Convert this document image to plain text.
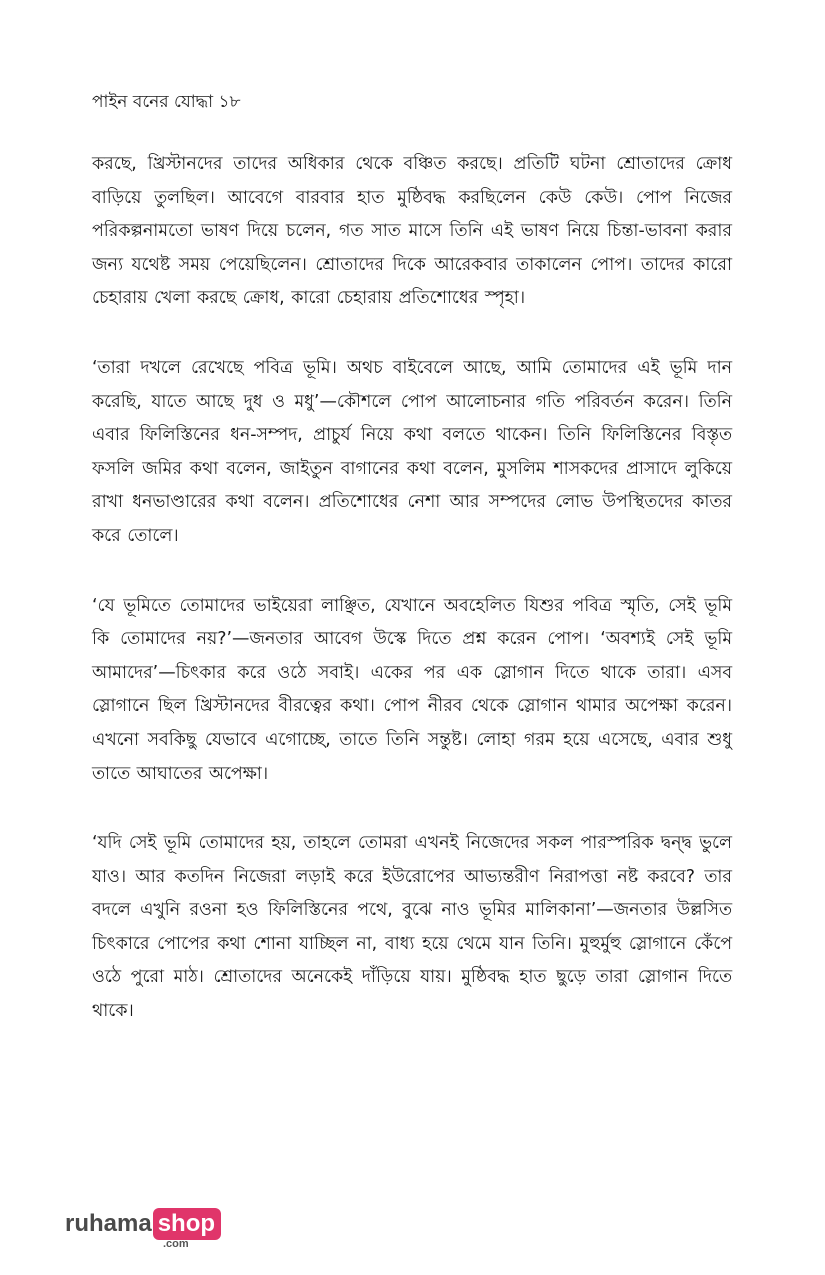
পাইন বনের যোদ্ধা ১৮

করছে, খ্রিস্টানদের তাদের অধিকার থেকে বঞ্চিত করছে। প্রতিটি ঘটনা শ্রোতাদের ক্রোধ বাড়িয়ে তুলছিল। আবেগে বারবার হাত মুষ্ঠিবদ্ধ করছিলেন কেউ কেউ। পোপ নিজের পরিকল্পনামতো ভাষণ দিয়ে চলেন, গত সাত মাসে তিনি এই ভাষণ নিয়ে চিন্তা-ভাবনা করার জন্য যথেষ্ট সময় পেয়েছিলেন। শ্রোতাদের দিকে আরেকবার তাকালেন পোপ। তাদের কারো চেহারায় খেলা করছে ক্রোধ, কারো চেহারায় প্রতিশোধের স্পৃহা।

‘তারা দখলে রেখেছে পবিত্র ভূমি। অথচ বাইবেলে আছে, আমি তোমাদের এই ভূমি দান করেছি, যাতে আছে দুধ ও মধু’—কৌশলে পোপ আলোচনার গতি পরিবর্তন করেন। তিনি এবার ফিলিস্তিনের ধন-সম্পদ, প্রাচুর্য নিয়ে কথা বলতে থাকেন। তিনি ফিলিস্তিনের বিস্তৃত ফসলি জমির কথা বলেন, জাইতুন বাগানের কথা বলেন, মুসলিম শাসকদের প্রাসাদে লুকিয়ে রাখা ধনভাণ্ডারের কথা বলেন। প্রতিশোধের নেশা আর সম্পদের লোভ উপস্থিতদের কাতর করে তোলে।

‘যে ভূমিতে তোমাদের ভাইয়েরা লাঞ্ছিত, যেখানে অবহেলিত যিশুর পবিত্র স্মৃতি, সেই ভূমি কি তোমাদের নয়?’—জনতার আবেগ উস্কে দিতে প্রশ্ন করেন পোপ। ‘অবশ্যই সেই ভূমি আমাদের’—চিৎকার করে ওঠে সবাই। একের পর এক স্লোগান দিতে থাকে তারা। এসব স্লোগানে ছিল খ্রিস্টানদের বীরত্বের কথা। পোপ নীরব থেকে স্লোগান থামার অপেক্ষা করেন। এখনো সবকিছু যেভাবে এগোচ্ছে, তাতে তিনি সন্তুষ্ট। লোহা গরম হয়ে এসেছে, এবার শুধু তাতে আঘাতের অপেক্ষা।

‘যদি সেই ভূমি তোমাদের হয়, তাহলে তোমরা এখনই নিজেদের সকল পারস্পরিক দ্বন্দ্ব ভুলে যাও। আর কতদিন নিজেরা লড়াই করে ইউরোপের আভ্যন্তরীণ নিরাপত্তা নষ্ট করবে? তার বদলে এখুনি রওনা হও ফিলিস্তিনের পথে, বুঝে নাও ভূমির মালিকানা’—জনতার উল্লসিত চিৎকারে পোপের কথা শোনা যাচ্ছিল না, বাধ্য হয়ে থেমে যান তিনি। মুহুর্মুহু স্লোগানে কেঁপে ওঠে পুরো মাঠ। শ্রোতাদের অনেকেই দাঁড়িয়ে যায়। মুষ্ঠিবদ্ধ হাত ছুড়ে তারা স্লোগান দিতে থাকে।

ruhama shop
.com
